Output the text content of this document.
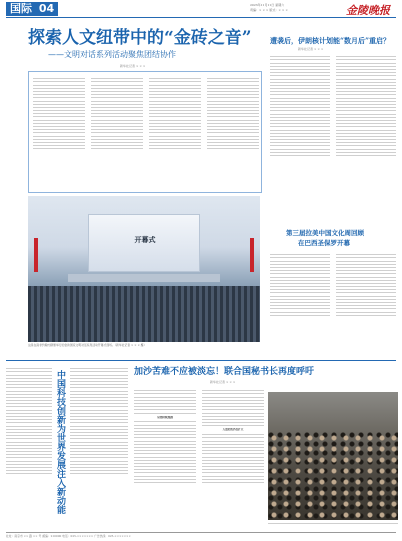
国际 04	2023年11月11日 星期六
责编：× × × 版式：× × ×	金陵晚报
探索人文纽带中的“金砖之音”
——文明对话系列活动聚焦团结协作
新华社记者 × × ×
遭袭后，伊朗核计划能“数月后”重启？
新华社记者 × × ×
开幕式
这是在南非约翰内斯堡举行的金砖国家文明对话系列活动开幕式现场。（新华社记者 × × × 摄）
第三届拉美中国文化周回顾
在巴西圣保罗开幕
中国科技创新为世界发展注入新动能	加沙苦难不应被淡忘！联合国秘书长再度呼吁
新华社记者 × × ×
局势持续加剧
人道危机仍在扩大
社址：南京市 ×× 路 ×× 号 邮编：210000 电话：025-××××××× 广告热线：025-×××××××
